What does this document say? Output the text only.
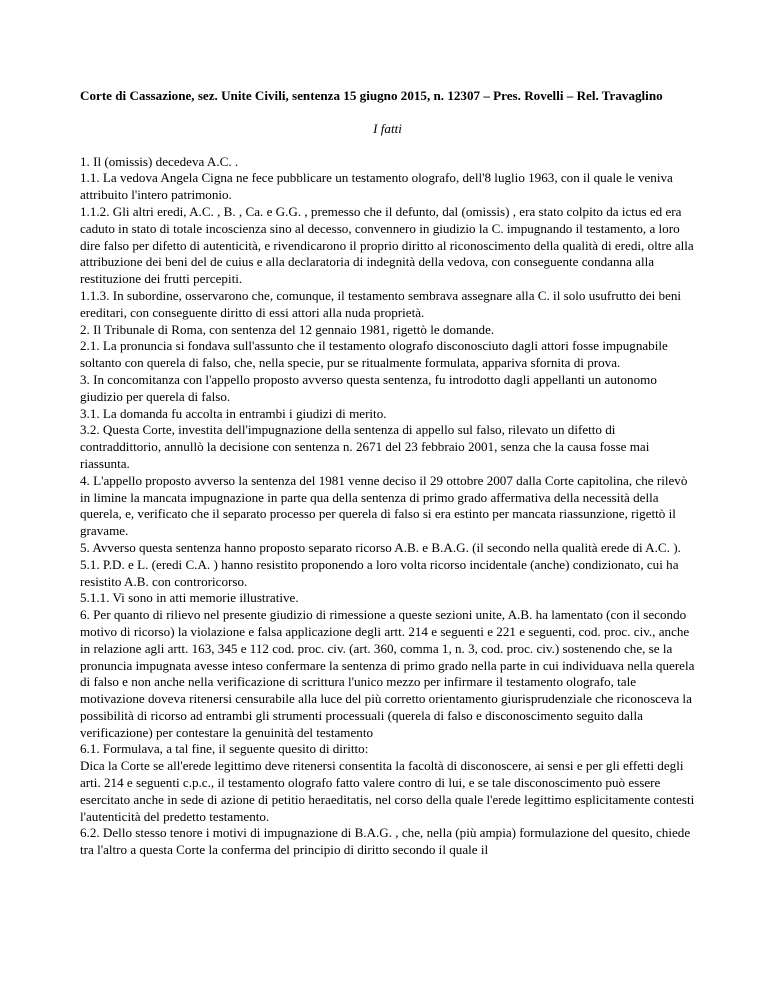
Corte di Cassazione, sez. Unite Civili, sentenza 15 giugno 2015, n. 12307 – Pres. Rovelli – Rel. Travaglino
I fatti

1. Il (omissis) decedeva A.C. .

1.1. La vedova Angela Cigna ne fece pubblicare un testamento olografo, dell'8 luglio 1963, con il quale le veniva attribuito l'intero patrimonio.

1.1.2. Gli altri eredi, A.C. , B. , Ca. e G.G. , premesso che il defunto, dal (omissis) , era stato colpito da ictus ed era caduto in stato di totale incoscienza sino al decesso, convennero in giudizio la C. impugnando il testamento, a loro dire falso per difetto di autenticità, e rivendicarono il proprio diritto al riconoscimento della qualità di eredi, oltre alla attribuzione dei beni del de cuius e alla declaratoria di indegnità della vedova, con conseguente condanna alla restituzione dei frutti percepiti.

1.1.3. In subordine, osservarono che, comunque, il testamento sembrava assegnare alla C. il solo usufrutto dei beni ereditari, con conseguente diritto di essi attori alla nuda proprietà.

2. Il Tribunale di Roma, con sentenza del 12 gennaio 1981, rigettò le domande.

2.1. La pronuncia si fondava sull'assunto che il testamento olografo disconosciuto dagli attori fosse impugnabile soltanto con querela di falso, che, nella specie, pur se ritualmente formulata, appariva sfornita di prova.

3. In concomitanza con l'appello proposto avverso questa sentenza, fu introdotto dagli appellanti un autonomo giudizio per querela di falso.

3.1. La domanda fu accolta in entrambi i giudizi di merito.

3.2. Questa Corte, investita dell'impugnazione della sentenza di appello sul falso, rilevato un difetto di contraddittorio, annullò la decisione con sentenza n. 2671 del 23 febbraio 2001, senza che la causa fosse mai riassunta.

4. L'appello proposto avverso la sentenza del 1981 venne deciso il 29 ottobre 2007 dalla Corte capitolina, che rilevò in limine la mancata impugnazione in parte qua della sentenza di primo grado affermativa della necessità della querela, e, verificato che il separato processo per querela di falso si era estinto per mancata riassunzione, rigettò il gravame.

5. Avverso questa sentenza hanno proposto separato ricorso A.B. e B.A.G. (il secondo nella qualità erede di A.C. ).

5.1. P.D. e L. (eredi C.A. ) hanno resistito proponendo a loro volta ricorso incidentale (anche) condizionato, cui ha resistito A.B. con controricorso.

5.1.1. Vi sono in atti memorie illustrative.

6. Per quanto di rilievo nel presente giudizio di rimessione a queste sezioni unite, A.B. ha lamentato (con il secondo motivo di ricorso) la violazione e falsa applicazione degli artt. 214 e seguenti e 221 e seguenti, cod. proc. civ., anche in relazione agli artt. 163, 345 e 112 cod. proc. civ. (art. 360, comma 1, n. 3, cod. proc. civ.) sostenendo che, se la pronuncia impugnata avesse inteso confermare la sentenza di primo grado nella parte in cui individuava nella querela di falso e non anche nella verificazione di scrittura l'unico mezzo per infirmare il testamento olografo, tale motivazione doveva ritenersi censurabile alla luce del più corretto orientamento giurisprudenziale che riconosceva la possibilità di ricorso ad entrambi gli strumenti processuali (querela di falso e disconoscimento seguito dalla verificazione) per contestare la genuinità del testamento

6.1. Formulava, a tal fine, il seguente quesito di diritto:

Dica la Corte se all'erede legittimo deve ritenersi consentita la facoltà di disconoscere, ai sensi e per gli effetti degli arti. 214 e seguenti c.p.c., il testamento olografo fatto valere contro di lui, e se tale disconoscimento può essere esercitato anche in sede di azione di petitio heraeditatis, nel corso della quale l'erede legittimo esplicitamente contesti l'autenticità del predetto testamento.

6.2. Dello stesso tenore i motivi di impugnazione di B.A.G. , che, nella (più ampia) formulazione del quesito, chiede tra l'altro a questa Corte la conferma del principio di diritto secondo il quale il
